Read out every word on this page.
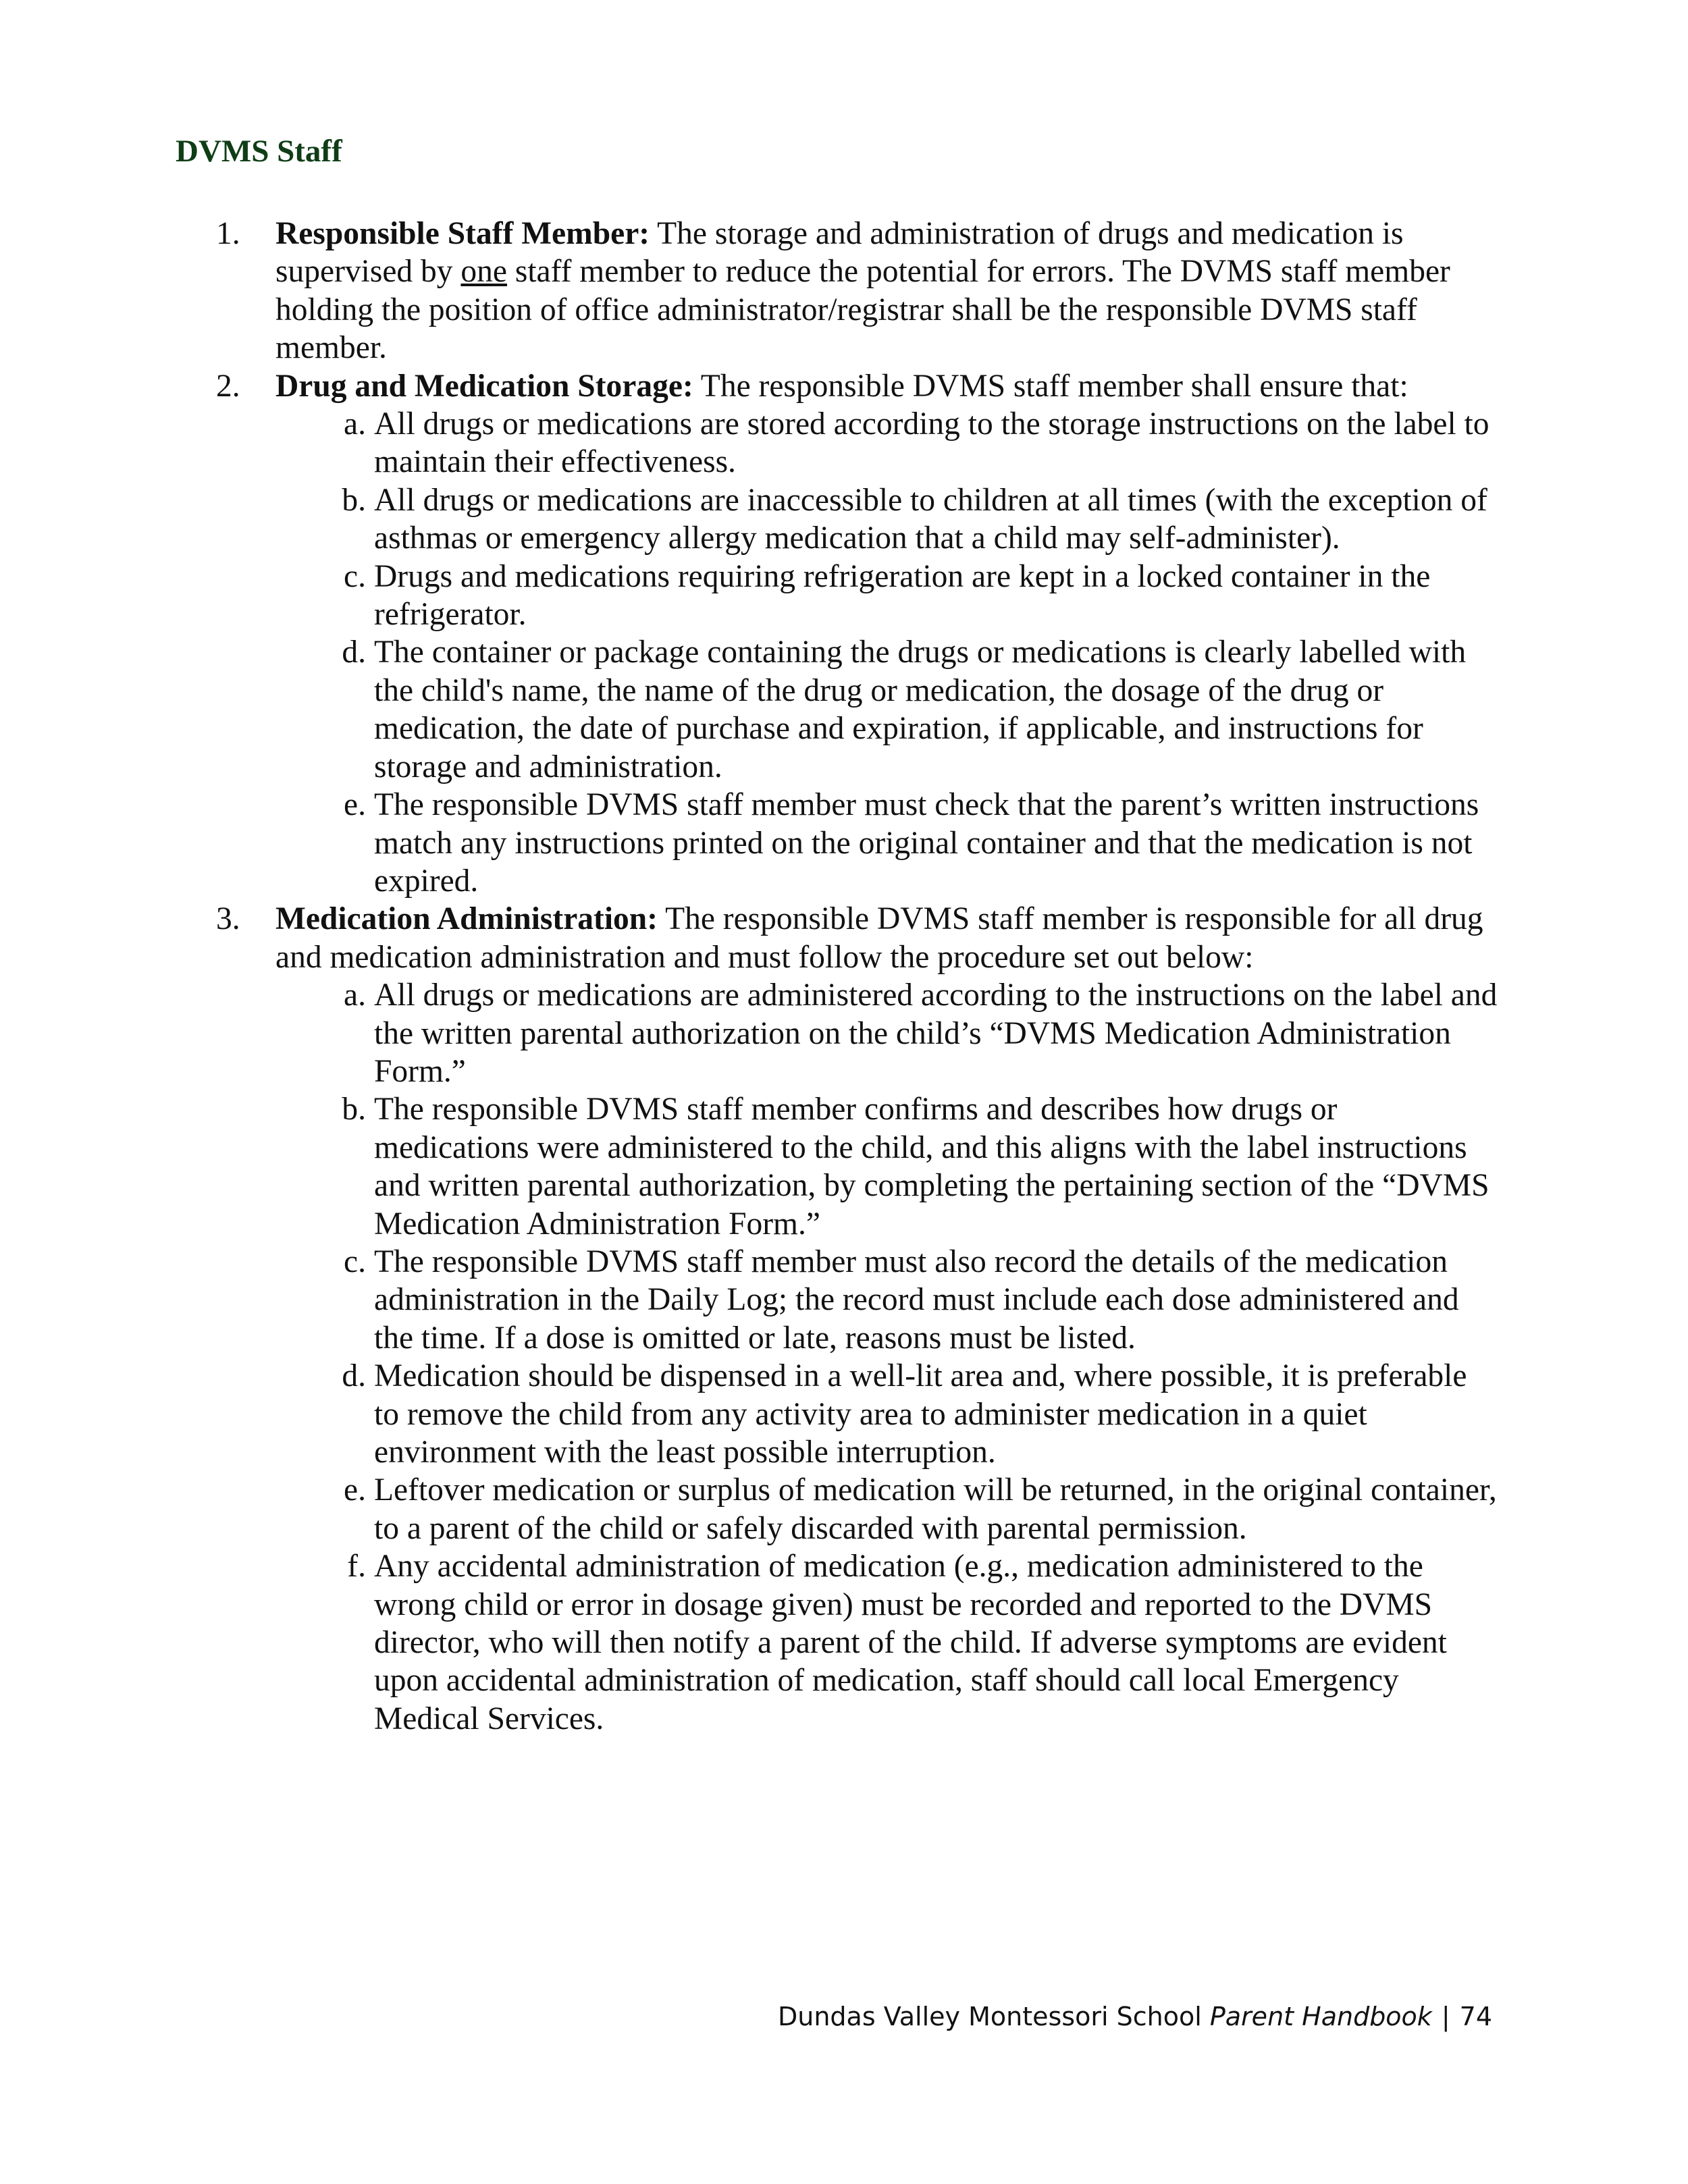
DVMS Staff
1. Responsible Staff Member: The storage and administration of drugs and medication is supervised by one staff member to reduce the potential for errors. The DVMS staff member holding the position of office administrator/registrar shall be the responsible DVMS staff member.
2. Drug and Medication Storage: The responsible DVMS staff member shall ensure that:
a. All drugs or medications are stored according to the storage instructions on the label to maintain their effectiveness.
b. All drugs or medications are inaccessible to children at all times (with the exception of asthmas or emergency allergy medication that a child may self-administer).
c. Drugs and medications requiring refrigeration are kept in a locked container in the refrigerator.
d. The container or package containing the drugs or medications is clearly labelled with the child's name, the name of the drug or medication, the dosage of the drug or medication, the date of purchase and expiration, if applicable, and instructions for storage and administration.
e. The responsible DVMS staff member must check that the parent’s written instructions match any instructions printed on the original container and that the medication is not expired.
3. Medication Administration: The responsible DVMS staff member is responsible for all drug and medication administration and must follow the procedure set out below:
a. All drugs or medications are administered according to the instructions on the label and the written parental authorization on the child’s “DVMS Medication Administration Form.”
b. The responsible DVMS staff member confirms and describes how drugs or medications were administered to the child, and this aligns with the label instructions and written parental authorization, by completing the pertaining section of the “DVMS Medication Administration Form.”
c. The responsible DVMS staff member must also record the details of the medication administration in the Daily Log; the record must include each dose administered and the time. If a dose is omitted or late, reasons must be listed.
d. Medication should be dispensed in a well-lit area and, where possible, it is preferable to remove the child from any activity area to administer medication in a quiet environment with the least possible interruption.
e. Leftover medication or surplus of medication will be returned, in the original container, to a parent of the child or safely discarded with parental permission.
f. Any accidental administration of medication (e.g., medication administered to the wrong child or error in dosage given) must be recorded and reported to the DVMS director, who will then notify a parent of the child. If adverse symptoms are evident upon accidental administration of medication, staff should call local Emergency Medical Services.
Dundas Valley Montessori School Parent Handbook | 74
